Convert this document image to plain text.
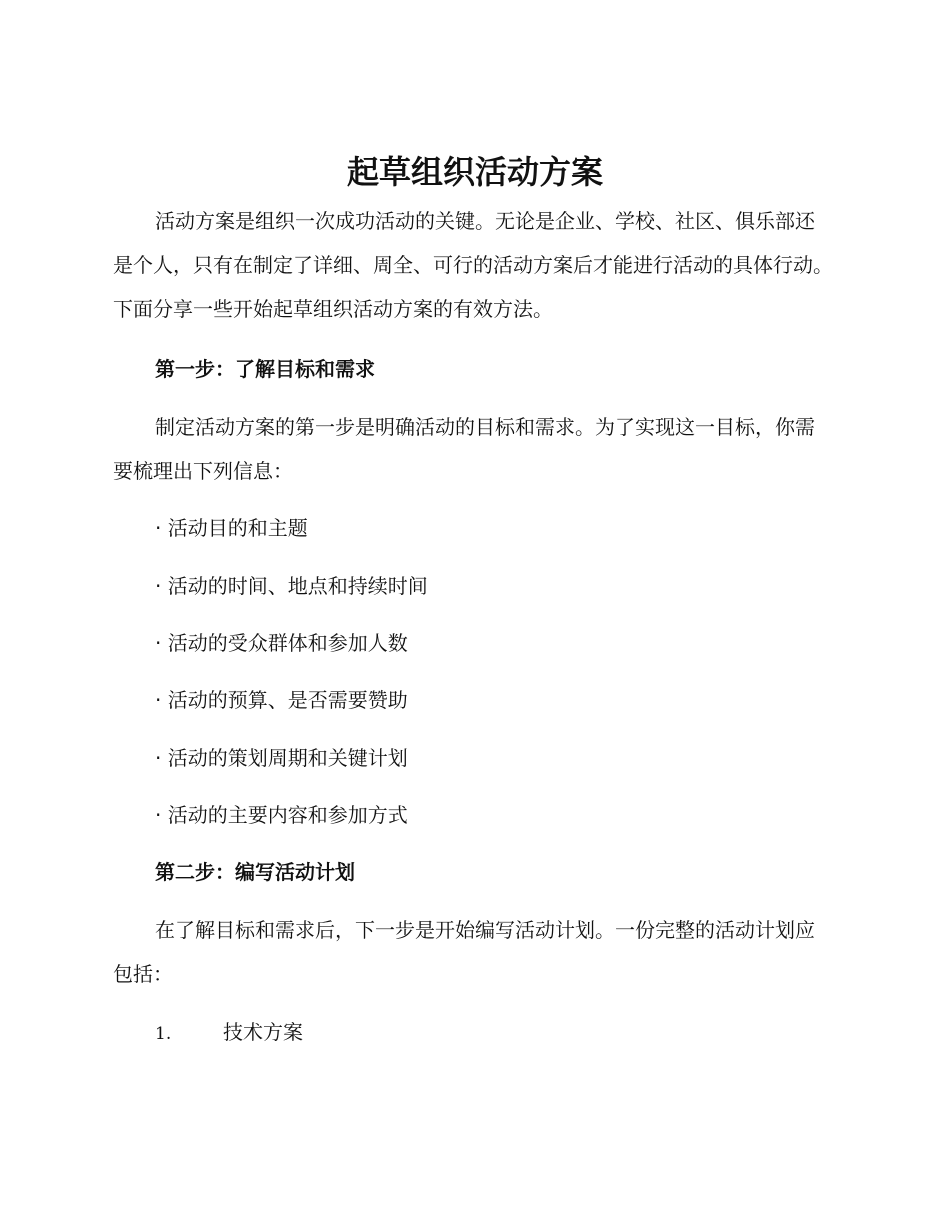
起草组织活动方案

活动方案是组织一次成功活动的关键。无论是企业、学校、社区、俱乐部还是个人，只有在制定了详细、周全、可行的活动方案后才能进行活动的具体行动。下面分享一些开始起草组织活动方案的有效方法。

第一步：了解目标和需求

制定活动方案的第一步是明确活动的目标和需求。为了实现这一目标，你需要梳理出下列信息：

· 活动目的和主题

· 活动的时间、地点和持续时间

· 活动的受众群体和参加人数

· 活动的预算、是否需要赞助

· 活动的策划周期和关键计划

· 活动的主要内容和参加方式

第二步：编写活动计划

在了解目标和需求后，下一步是开始编写活动计划。一份完整的活动计划应包括：

1.	技术方案
